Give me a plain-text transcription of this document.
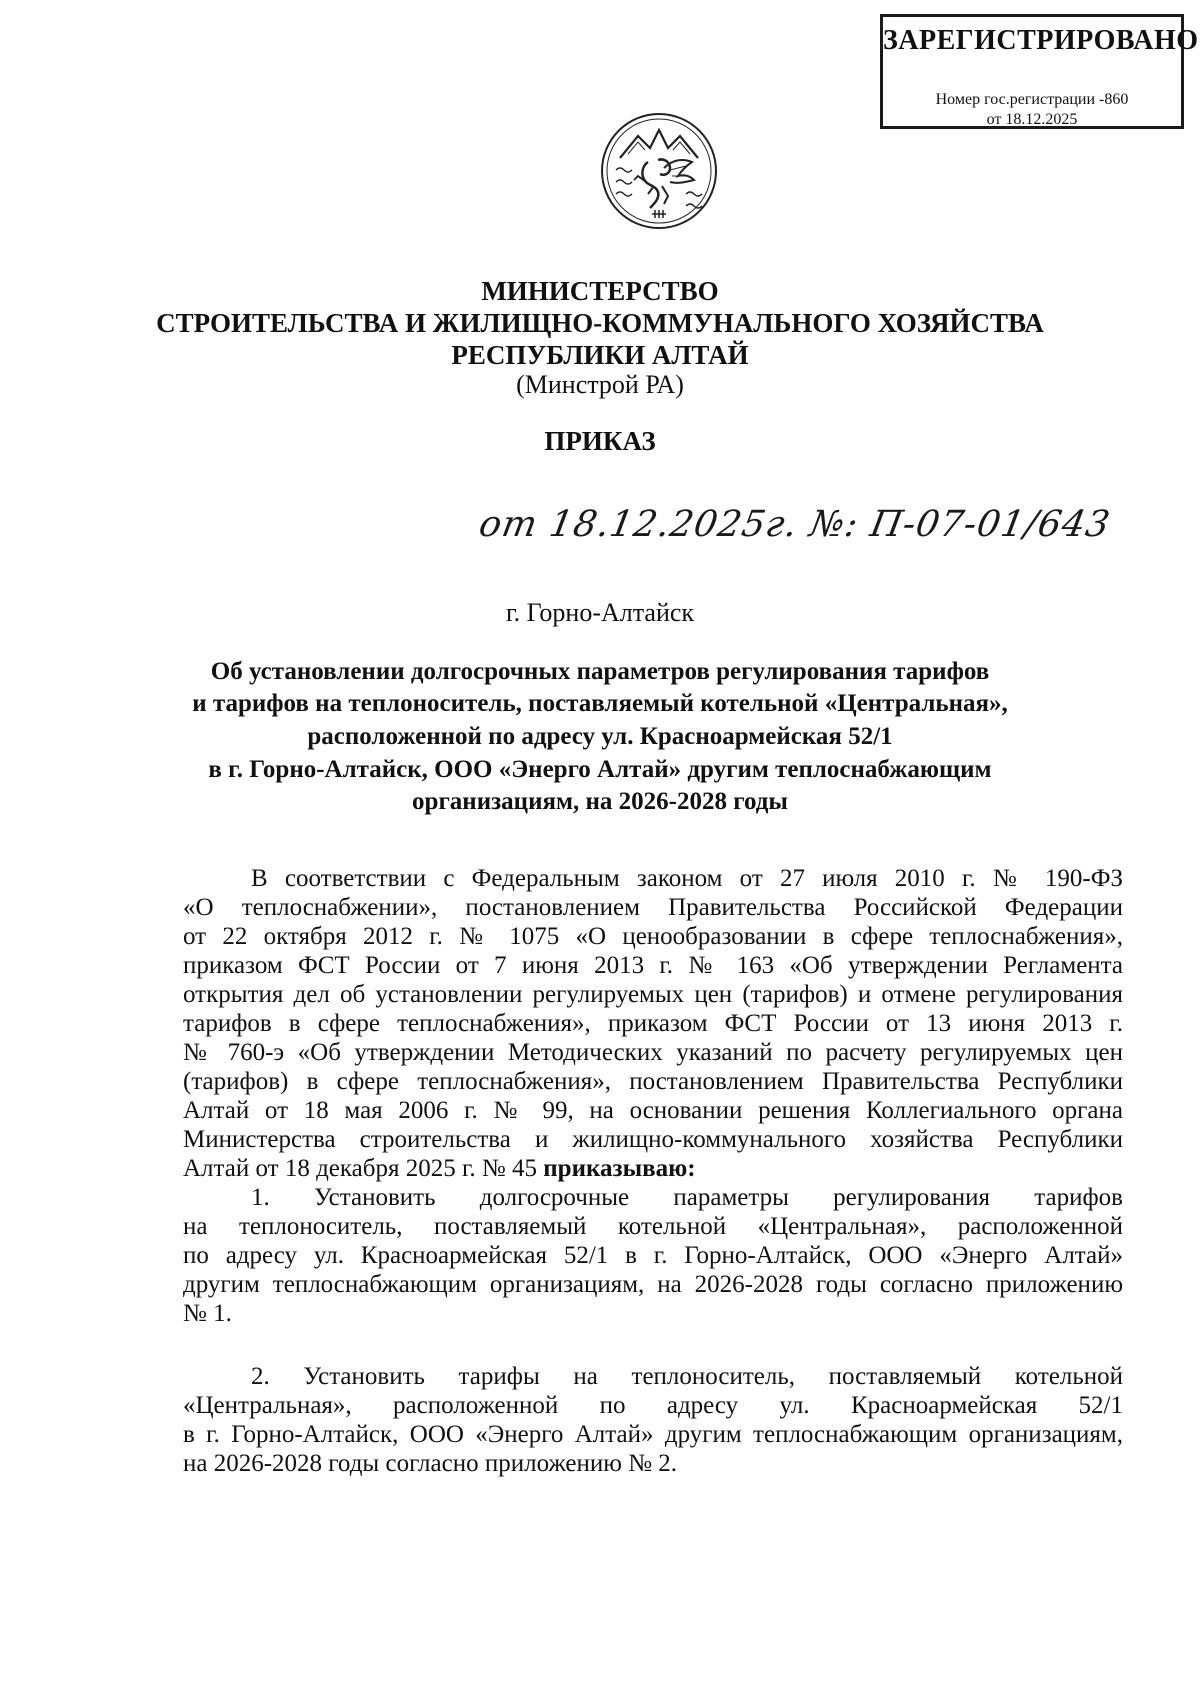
ЗАРЕГИСТРИРОВАНО
Номер гос.регистрации -860
от 18.12.2025
МИНИСТЕРСТВО
СТРОИТЕЛЬСТВА И ЖИЛИЩНО-КОММУНАЛЬНОГО ХОЗЯЙСТВА
РЕСПУБЛИКИ АЛТАЙ
(Минстрой РА)
ПРИКАЗ
от 18.12.2025г. №: П-07-01/643
г. Горно-Алтайск
Об установлении долгосрочных параметров регулирования тарифов
и тарифов на теплоноситель, поставляемый котельной «Центральная»,
расположенной по адресу ул. Красноармейская 52/1
в г. Горно-Алтайск, ООО «Энерго Алтай» другим теплоснабжающим
организациям, на 2026-2028 годы
В соответствии с Федеральным законом от 27 июля 2010 г. № 190-ФЗ
«О теплоснабжении», постановлением Правительства Российской Федерации
от 22 октября 2012 г. № 1075 «О ценообразовании в сфере теплоснабжения»,
приказом ФСТ России от 7 июня 2013 г. № 163 «Об утверждении Регламента
открытия дел об установлении регулируемых цен (тарифов) и отмене регулирования
тарифов в сфере теплоснабжения», приказом ФСТ России от 13 июня 2013 г.
№ 760-э «Об утверждении Методических указаний по расчету регулируемых цен
(тарифов) в сфере теплоснабжения», постановлением Правительства Республики
Алтай от 18 мая 2006 г. № 99, на основании решения Коллегиального органа
Министерства строительства и жилищно-коммунального хозяйства Республики
Алтай от 18 декабря 2025 г. № 45 приказываю:
1. Установить долгосрочные параметры регулирования тарифов
на теплоноситель, поставляемый котельной «Центральная», расположенной
по адресу ул. Красноармейская 52/1 в г. Горно-Алтайск, ООО «Энерго Алтай»
другим теплоснабжающим организациям, на 2026-2028 годы согласно приложению
№ 1.
2. Установить тарифы на теплоноситель, поставляемый котельной
«Центральная», расположенной по адресу ул. Красноармейская 52/1
в г. Горно-Алтайск, ООО «Энерго Алтай» другим теплоснабжающим организациям,
на 2026-2028 годы согласно приложению № 2.
